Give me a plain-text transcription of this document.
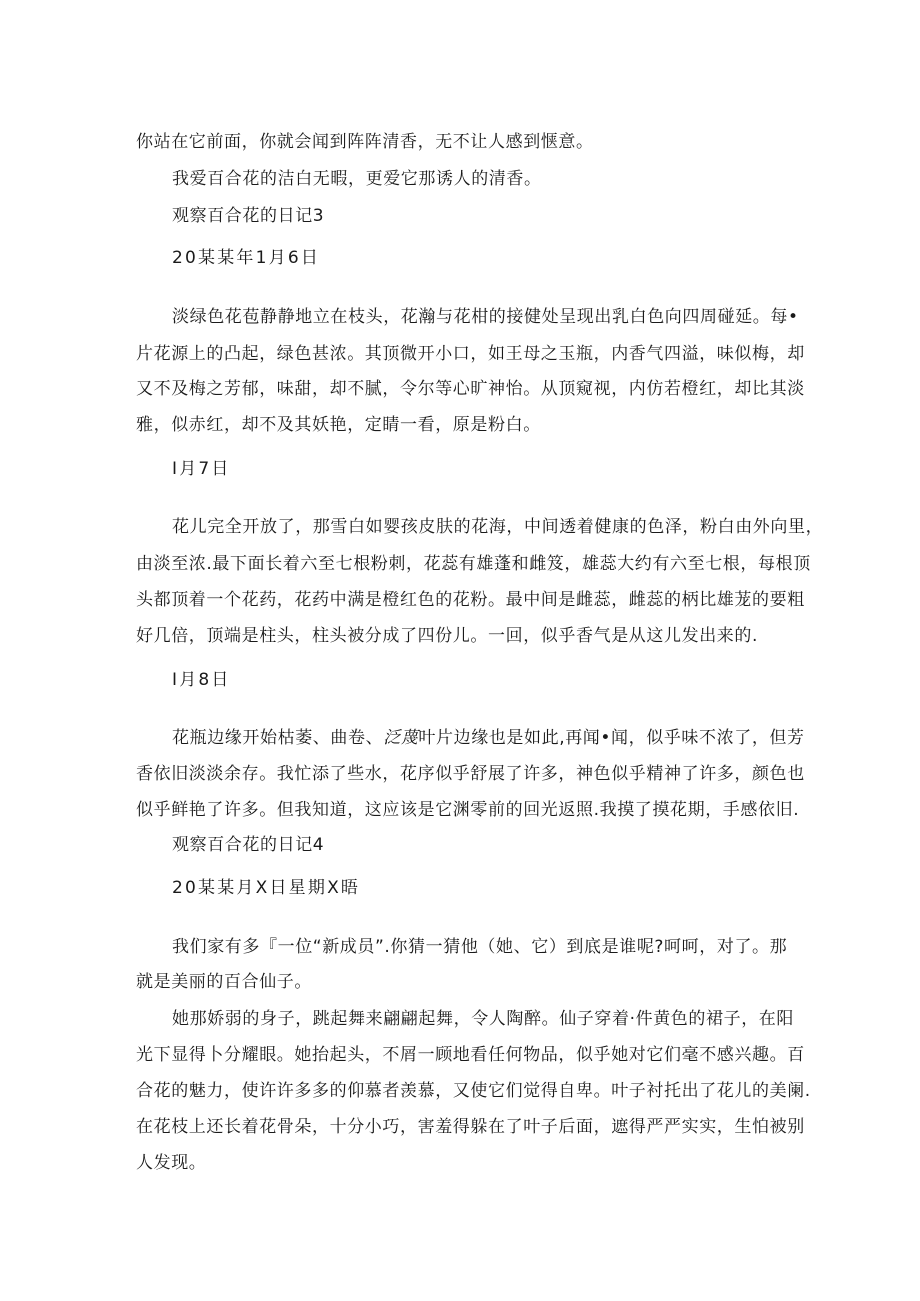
你站在它前面，你就会闻到阵阵清香，无不让人感到惬意。

我爱百合花的洁白无暇，更爱它那诱人的清香。

观察百合花的日记3

20某某年1月6日

淡绿色花苞静静地立在枝头，花瀚与花柑的接健处呈现出乳白色向四周碰延。每•

片花源上的凸起，绿色甚浓。其顶微开小口，如王母之玉瓶，内香气四溢，味似梅，却

又不及梅之芳郁，味甜，却不腻，令尔等心旷神怡。从顶窥视，内仿若橙红，却比其淡

雅，似赤红，却不及其妖艳，定睛一看，原是粉白。

I月7日

花儿完全开放了，那雪白如婴孩皮肤的花海，中间透着健康的色泽，粉白由外向里，

由淡至浓.最下面长着六至七根粉刺，花蕊有雄蓬和雌笈，雄蕊大约有六至七根，每根顶

头都顶着一个花药，花药中满是橙红色的花粉。最中间是雌蕊，雌蕊的柄比雄茏的要粗

好几倍，顶端是柱头，柱头被分成了四份儿。一回，似乎香气是从这儿发出来的.

I月8日

花瓶边缘开始枯萎、曲卷、泛蔑叶片边缘也是如此,再闻•闻，似乎味不浓了，但芳

香依旧淡淡余存。我忙添了些水，花序似乎舒展了许多，神色似乎精神了许多，颜色也

似乎鲜艳了许多。但我知道，这应该是它渊零前的回光返照.我摸了摸花期，手感依旧.

观察百合花的日记4

20某某月X日星期X晤

我们家有多『一位“新成员”.你猜一猜他（她、它）到底是谁呢?呵呵，对了。那

就是美丽的百合仙子。

她那娇弱的身子，跳起舞来翩翩起舞，令人陶醉。仙子穿着·件黄色的裙子，在阳

光下显得卜分耀眼。她抬起头，不屑一顾地看任何物品，似乎她对它们毫不感兴趣。百

合花的魅力，使许许多多的仰慕者羡慕，又使它们觉得自卑。叶子衬托出了花儿的美阑.

在花枝上还长着花骨朵，十分小巧，害羞得躲在了叶子后面，遮得严严实实，生怕被别

人发现。
